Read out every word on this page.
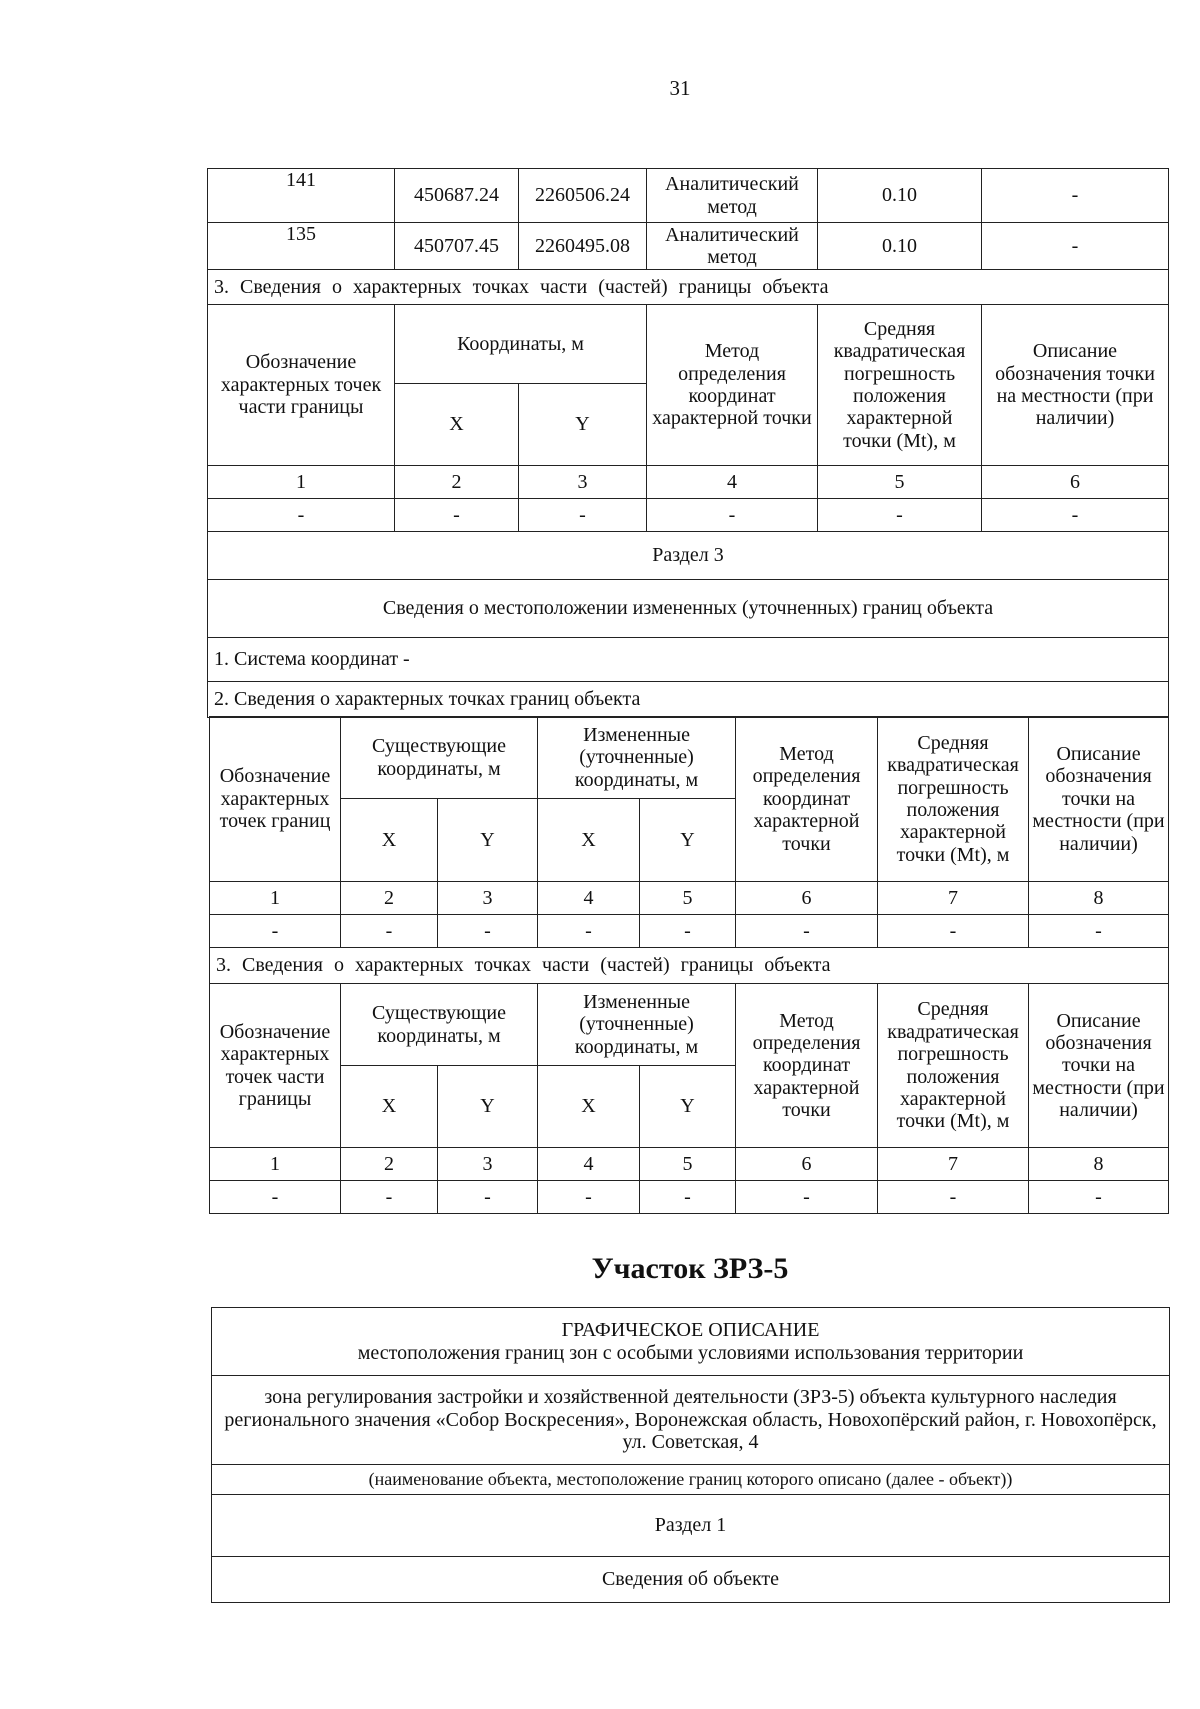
31
141	450687.24	2260506.24	Аналитический метод	0.10	-
135	450707.45	2260495.08	Аналитический метод	0.10	-
3. Сведения о характерных точках части (частей) границы объекта					
Обозначение характерных точек части границы	Координаты, м		Метод определения координат характерной точки	Средняя квадратическая погрешность положения характерной точки (Mt), м	Описание обозначения точки на местности (при наличии)
	X	Y			
1	2	3	4	5	6
-	-	-	-	-	-
Раздел 3					
Сведения о местоположении измененных (уточненных) границ объекта					
1. Система координат -					
2. Сведения о характерных точках границ объекта					
Обозначение характерных точек границ	Существующие координаты, м		Измененные (уточненные) координаты, м		Метод определения координат характерной точки	Средняя квадратическая погрешность положения характерной точки (Mt), м	Описание обозначения точки на местности (при наличии)
	X	Y	X	Y			
1	2	3	4	5	6	7	8
-	-	-	-	-	-	-	-
3. Сведения о характерных точках части (частей) границы объекта							
Обозначение характерных точек части границы	Существующие координаты, м		Измененные (уточненные) координаты, м		Метод определения координат характерной точки	Средняя квадратическая погрешность положения характерной точки (Mt), м	Описание обозначения точки на местности (при наличии)
	X	Y	X	Y			
1	2	3	4	5	6	7	8
-	-	-	-	-	-	-	-
Участок ЗРЗ-5
ГРАФИЧЕСКОЕ ОПИСАНИЕ
местоположения границ зон с особыми условиями использования территории

зона регулирования застройки и хозяйственной деятельности (ЗРЗ-5) объекта культурного наследия регионального значения «Собор Воскресения», Воронежская область, Новохопёрский район, г. Новохопёрск, ул. Советская, 4
(наименование объекта, местоположение границ которого описано (далее - объект))
Раздел 1
Сведения об объекте
